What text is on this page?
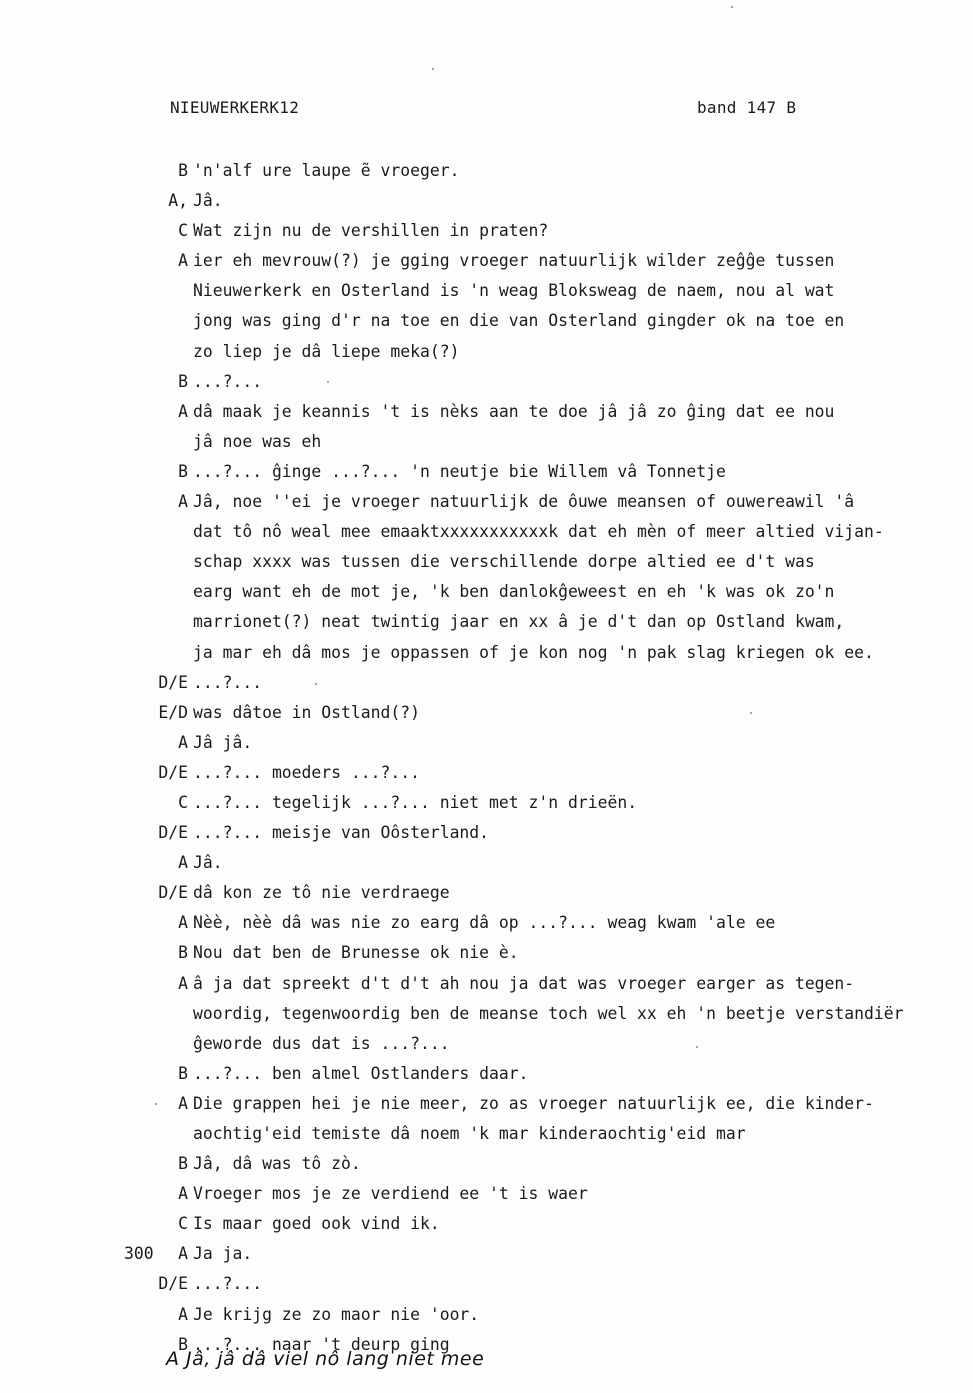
NIEUWERKERK12	band 147 B
B 'n'alf ure laupe ẽ vroeger.
A, Jâ.
C Wat zijn nu de vershillen in praten?
A ier eh mevrouw(?) je gging vroeger natuurlijk wilder zeĝĝe tussen
Nieuwerkerk en Osterland is 'n weag Bloksweag de naem, nou al wat
jong was ging d'r na toe en die van Osterland gingder ok na toe en
zo liep je dâ liepe meka(?)
B ...?...
A dâ maak je keannis 't is nèks aan te doe jâ jâ zo ĝing dat ee nou
jâ noe was eh
B ...?... ĝinge ...?... 'n neutje bie Willem vâ Tonnetje
A Jâ, noe ''ei je vroeger natuurlijk de ôuwe meansen of ouwereawil 'â
dat tô nô weal mee emaaktxxxxxxxxxxxk dat eh mèn of meer altied vijan-
schap xxxx was tussen die verschillende dorpe altied ee d't was
earg want eh de mot je, 'k ben danlokĝeweest en eh 'k was ok zo'n
marrionet(?) neat twintig jaar en xx â je d't dan op Ostland kwam,
ja mar eh dâ mos je oppassen of je kon nog 'n pak slag kriegen ok ee.
D/E ...?...
E/D was dâtoe in Ostland(?)
A Jâ jâ.
D/E ...?... moeders ...?...
C ...?... tegelijk ...?... niet met z'n drieën.
D/E ...?... meisje van Oôsterland.
A Jâ.
D/E dâ kon ze tô nie verdraege
A Nèè, nèè dâ was nie zo earg dâ op ...?... weag kwam 'ale ee
B Nou dat ben de Brunesse ok nie è.
A â ja dat spreekt d't d't ah nou ja dat was vroeger earger as tegen-
woordig, tegenwoordig ben de meanse toch wel xx eh 'n beetje verstandiër
ĝeworde dus dat is ...?...
B ...?... ben almel Ostlanders daar.
A Die grappen hei je nie meer, zo as vroeger natuurlijk ee, die kinder-
aochtig'eid temiste dâ noem 'k mar kinderaochtig'eid mar
B Jâ, dâ was tô zò.
A Vroeger mos je ze verdiend ee 't is waer
C Is maar goed ook vind ik.
300	A Ja ja.
D/E ...?...
A Je krijg ze zo maor nie 'oor.
B ...?... naar 't deurp ging
A Jâ, jâ dâ viel nô lang niet mee
